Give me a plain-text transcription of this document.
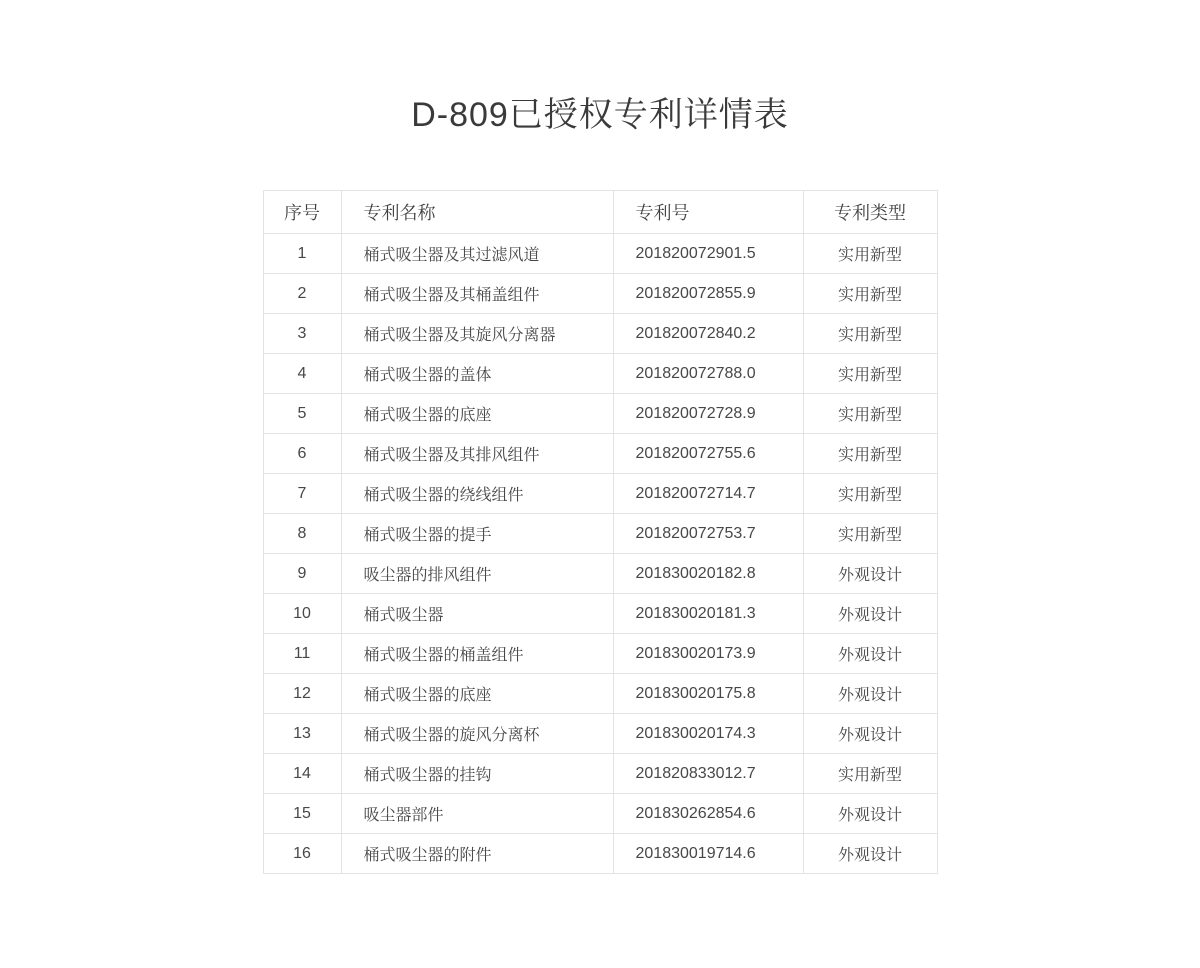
D-809已授权专利详情表
序号	专利名称	专利号	专利类型
1	桶式吸尘器及其过滤风道	201820072901.5	实用新型
2	桶式吸尘器及其桶盖组件	201820072855.9	实用新型
3	桶式吸尘器及其旋风分离器	201820072840.2	实用新型
4	桶式吸尘器的盖体	201820072788.0	实用新型
5	桶式吸尘器的底座	201820072728.9	实用新型
6	桶式吸尘器及其排风组件	201820072755.6	实用新型
7	桶式吸尘器的绕线组件	201820072714.7	实用新型
8	桶式吸尘器的提手	201820072753.7	实用新型
9	吸尘器的排风组件	201830020182.8	外观设计
10	桶式吸尘器	201830020181.3	外观设计
11	桶式吸尘器的桶盖组件	201830020173.9	外观设计
12	桶式吸尘器的底座	201830020175.8	外观设计
13	桶式吸尘器的旋风分离杯	201830020174.3	外观设计
14	桶式吸尘器的挂钩	201820833012.7	实用新型
15	吸尘器部件	201830262854.6	外观设计
16	桶式吸尘器的附件	201830019714.6	外观设计
